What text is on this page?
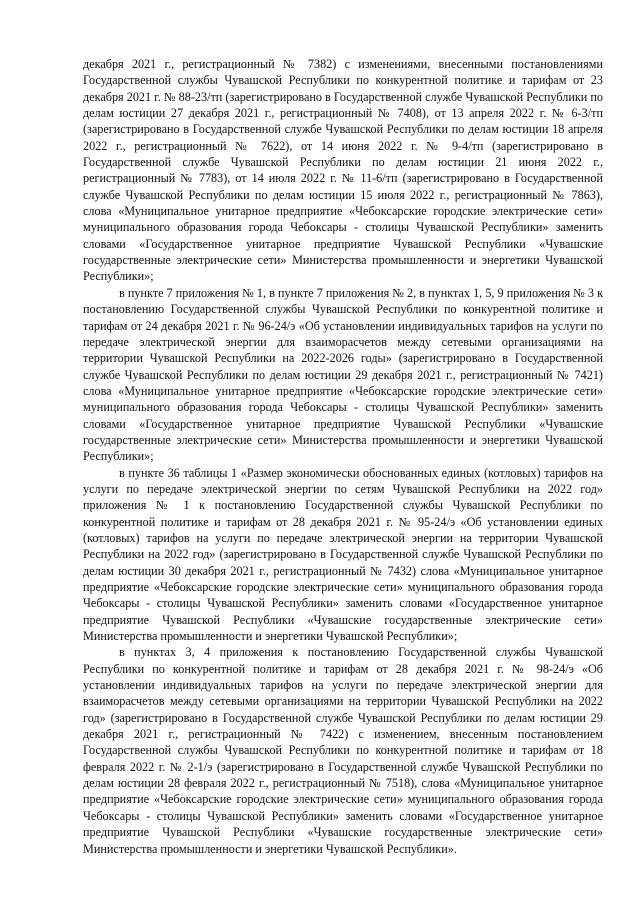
декабря 2021 г., регистрационный № 7382) с изменениями, внесенными постановлениями Государственной службы Чувашской Республики по конкурентной политике и тарифам от 23 декабря 2021 г. № 88-23/тп (зарегистрировано в Государственной службе Чувашской Республики по делам юстиции 27 декабря 2021 г., регистрационный № 7408), от 13 апреля 2022 г. № 6-3/тп (зарегистрировано в Государственной службе Чувашской Республики по делам юстиции 18 апреля 2022 г., регистрационный № 7622), от 14 июня 2022 г. № 9-4/тп (зарегистрировано в Государственной службе Чувашской Республики по делам юстиции 21 июня 2022 г., регистрационный № 7783), от 14 июля 2022 г. № 11-6/тп (зарегистрировано в Государственной службе Чувашской Республики по делам юстиции 15 июля 2022 г., регистрационный № 7863), слова «Муниципальное унитарное предприятие «Чебоксарские городские электрические сети» муниципального образования города Чебоксары - столицы Чувашской Республики» заменить словами «Государственное унитарное предприятие Чувашской Республики «Чувашские государственные электрические сети» Министерства промышленности и энергетики Чувашской Республики»;

в пункте 7 приложения № 1, в пункте 7 приложения № 2, в пунктах 1, 5, 9 приложения № 3 к постановлению Государственной службы Чувашской Республики по конкурентной политике и тарифам от 24 декабря 2021 г. № 96-24/э «Об установлении индивидуальных тарифов на услуги по передаче электрической энергии для взаиморасчетов между сетевыми организациями на территории Чувашской Республики на 2022-2026 годы» (зарегистрировано в Государственной службе Чувашской Республики по делам юстиции 29 декабря 2021 г., регистрационный № 7421) слова «Муниципальное унитарное предприятие «Чебоксарские городские электрические сети» муниципального образования города Чебоксары - столицы Чувашской Республики» заменить словами «Государственное унитарное предприятие Чувашской Республики «Чувашские государственные электрические сети» Министерства промышленности и энергетики Чувашской Республики»;

в пункте 36 таблицы 1 «Размер экономически обоснованных единых (котловых) тарифов на услуги по передаче электрической энергии по сетям Чувашской Республики на 2022 год» приложения № 1 к постановлению Государственной службы Чувашской Республики по конкурентной политике и тарифам от 28 декабря 2021 г. № 95-24/э «Об установлении единых (котловых) тарифов на услуги по передаче электрической энергии на территории Чувашской Республики на 2022 год» (зарегистрировано в Государственной службе Чувашской Республики по делам юстиции 30 декабря 2021 г., регистрационный № 7432) слова «Муниципальное унитарное предприятие «Чебоксарские городские электрические сети» муниципального образования города Чебоксары - столицы Чувашской Республики» заменить словами «Государственное унитарное предприятие Чувашской Республики «Чувашские государственные электрические сети» Министерства промышленности и энергетики Чувашской Республики»;

в пунктах 3, 4 приложения к постановлению Государственной службы Чувашской Республики по конкурентной политике и тарифам от 28 декабря 2021 г. № 98-24/э «Об установлении индивидуальных тарифов на услуги по передаче электрической энергии для взаиморасчетов между сетевыми организациями на территории Чувашской Республики на 2022 год» (зарегистрировано в Государственной службе Чувашской Республики по делам юстиции 29 декабря 2021 г., регистрационный № 7422) с изменением, внесенным постановлением Государственной службы Чувашской Республики по конкурентной политике и тарифам от 18 февраля 2022 г. № 2-1/э (зарегистрировано в Государственной службе Чувашской Республики по делам юстиции 28 февраля 2022 г., регистрационный № 7518), слова «Муниципальное унитарное предприятие «Чебоксарские городские электрические сети» муниципального образования города Чебоксары - столицы Чувашской Республики» заменить словами «Государственное унитарное предприятие Чувашской Республики «Чувашские государственные электрические сети» Министерства промышленности и энергетики Чувашской Республики».
